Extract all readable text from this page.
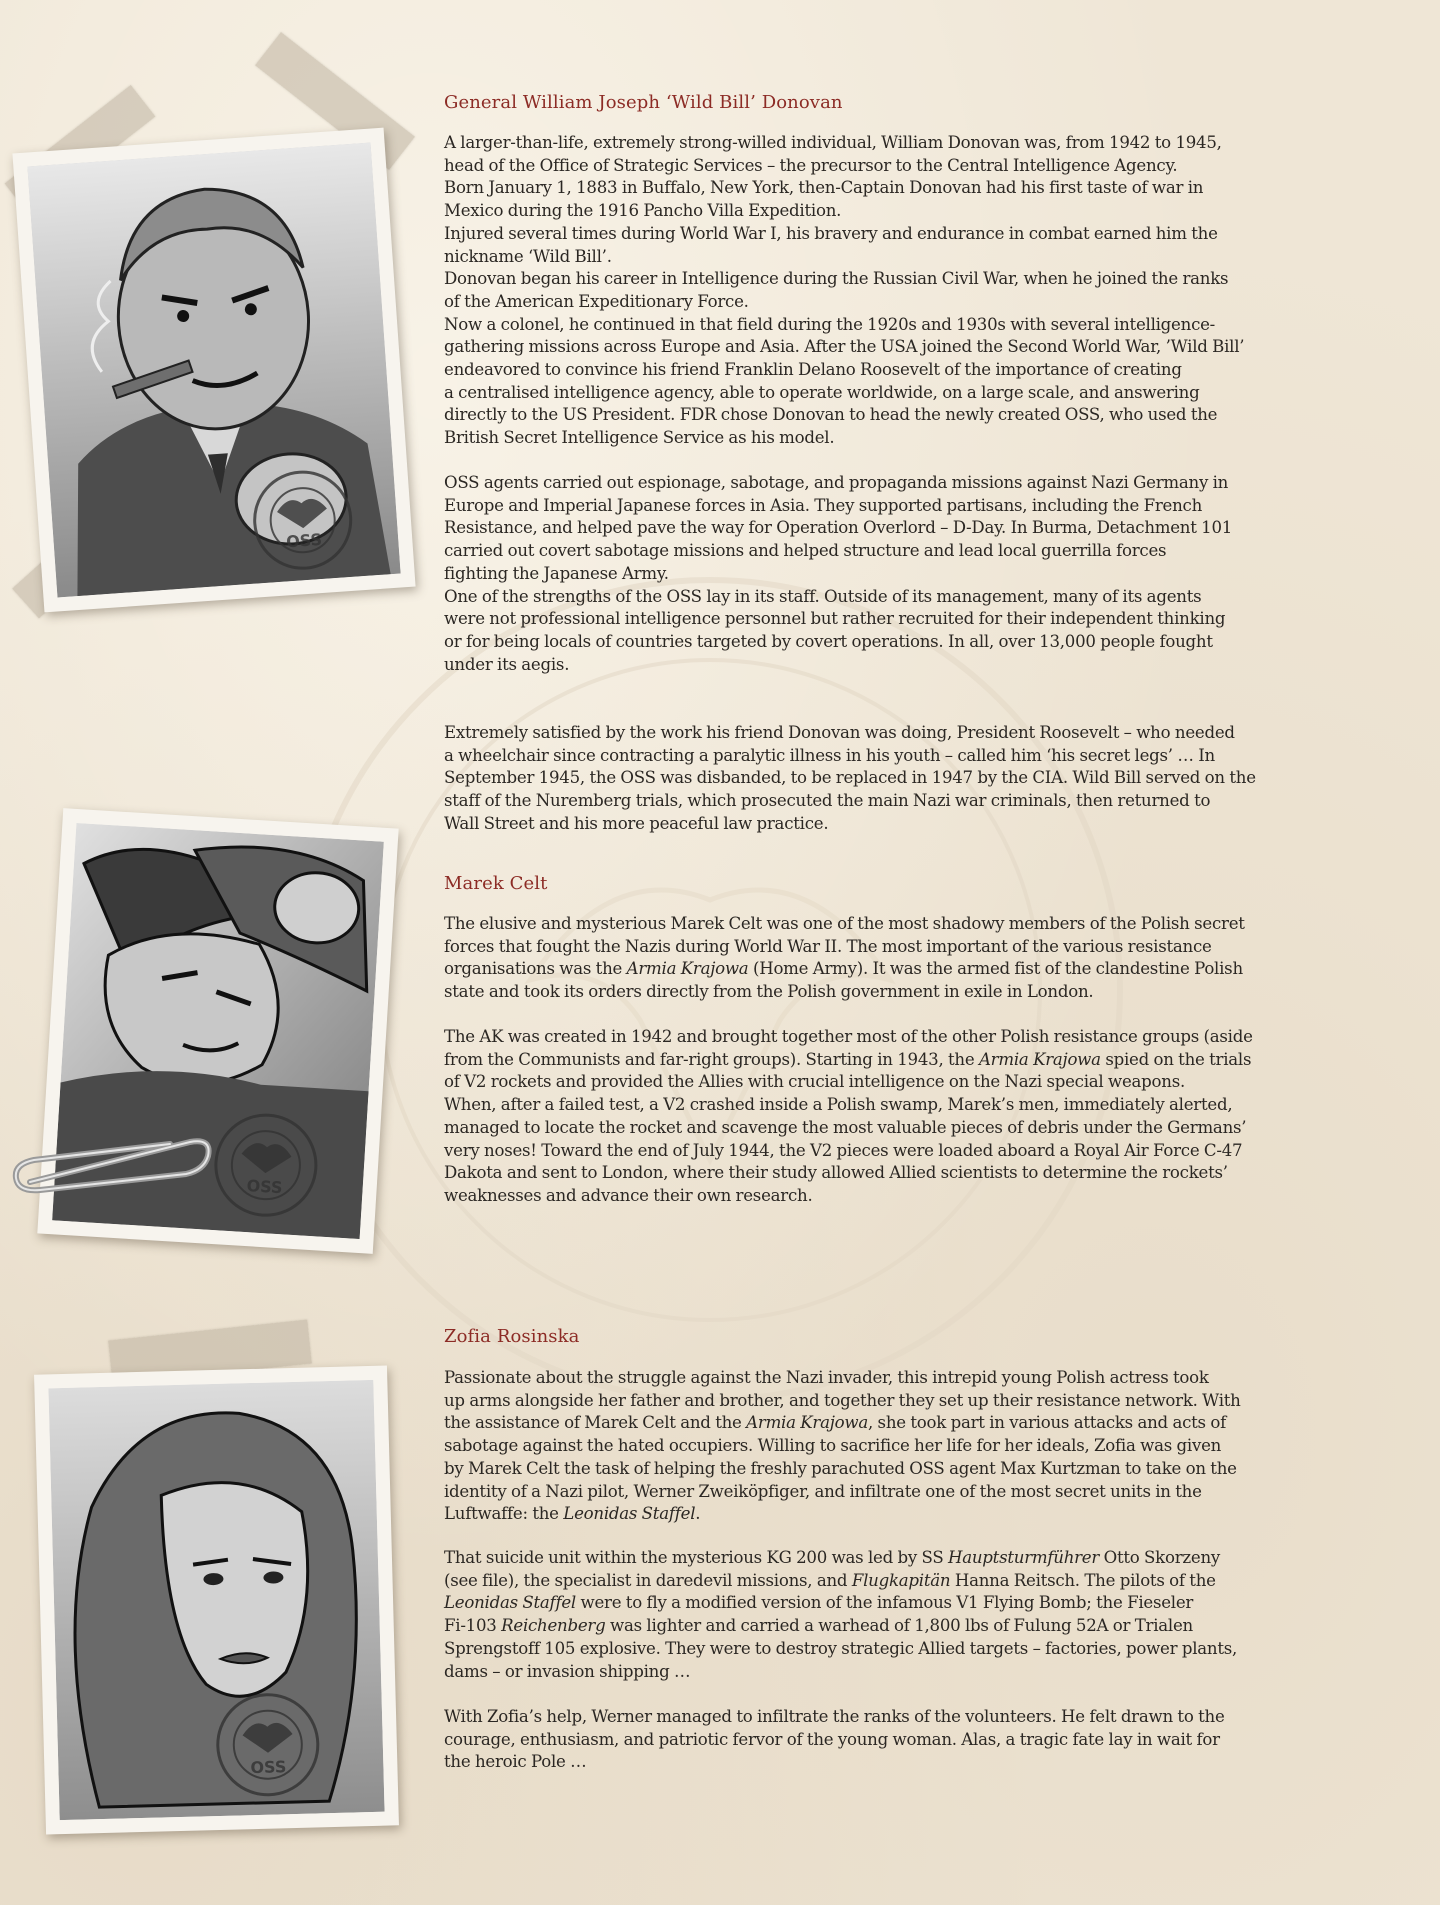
OSS
OSS
OSS
General William Joseph ‘Wild Bill’ Donovan

A larger-than-life, extremely strong-willed individual, William Donovan was, from 1942 to 1945,
head of the Office of Strategic Services – the precursor to the Central Intelligence Agency.
Born January 1, 1883 in Buffalo, New York, then-Captain Donovan had his first taste of war in
Mexico during the 1916 Pancho Villa Expedition.
Injured several times during World War I, his bravery and endurance in combat earned him the
nickname ‘Wild Bill’.
Donovan began his career in Intelligence during the Russian Civil War, when he joined the ranks
of the American Expeditionary Force.
Now a colonel, he continued in that field during the 1920s and 1930s with several intelligence-
gathering missions across Europe and Asia. After the USA joined the Second World War, ’Wild Bill’
endeavored to convince his friend Franklin Delano Roosevelt of the importance of creating
a centralised intelligence agency, able to operate worldwide, on a large scale, and answering
directly to the US President. FDR chose Donovan to head the newly created OSS, who used the
British Secret Intelligence Service as his model.

OSS agents carried out espionage, sabotage, and propaganda missions against Nazi Germany in
Europe and Imperial Japanese forces in Asia. They supported partisans, including the French
Resistance, and helped pave the way for Operation Overlord – D-Day. In Burma, Detachment 101
carried out covert sabotage missions and helped structure and lead local guerrilla forces
fighting the Japanese Army.
One of the strengths of the OSS lay in its staff. Outside of its management, many of its agents
were not professional intelligence personnel but rather recruited for their independent thinking
or for being locals of countries targeted by covert operations. In all, over 13,000 people fought
under its aegis.

Extremely satisfied by the work his friend Donovan was doing, President Roosevelt – who needed
a wheelchair since contracting a paralytic illness in his youth – called him ‘his secret legs’ … In
September 1945, the OSS was disbanded, to be replaced in 1947 by the CIA. Wild Bill served on the
staff of the Nuremberg trials, which prosecuted the main Nazi war criminals, then returned to
Wall Street and his more peaceful law practice.

Marek Celt

The elusive and mysterious Marek Celt was one of the most shadowy members of the Polish secret
forces that fought the Nazis during World War II. The most important of the various resistance
organisations was the Armia Krajowa (Home Army). It was the armed fist of the clandestine Polish
state and took its orders directly from the Polish government in exile in London.

The AK was created in 1942 and brought together most of the other Polish resistance groups (aside
from the Communists and far-right groups). Starting in 1943, the Armia Krajowa spied on the trials
of V2 rockets and provided the Allies with crucial intelligence on the Nazi special weapons.
When, after a failed test, a V2 crashed inside a Polish swamp, Marek’s men, immediately alerted,
managed to locate the rocket and scavenge the most valuable pieces of debris under the Germans’
very noses! Toward the end of July 1944, the V2 pieces were loaded aboard a Royal Air Force C-47
Dakota and sent to London, where their study allowed Allied scientists to determine the rockets’
weaknesses and advance their own research.

Zofia Rosinska

Passionate about the struggle against the Nazi invader, this intrepid young Polish actress took
up arms alongside her father and brother, and together they set up their resistance network. With
the assistance of Marek Celt and the Armia Krajowa, she took part in various attacks and acts of
sabotage against the hated occupiers. Willing to sacrifice her life for her ideals, Zofia was given
by Marek Celt the task of helping the freshly parachuted OSS agent Max Kurtzman to take on the
identity of a Nazi pilot, Werner Zweiköpfiger, and infiltrate one of the most secret units in the
Luftwaffe: the Leonidas Staffel.

That suicide unit within the mysterious KG 200 was led by SS Hauptsturmführer Otto Skorzeny
(see file), the specialist in daredevil missions, and Flugkapitän Hanna Reitsch. The pilots of the
Leonidas Staffel were to fly a modified version of the infamous V1 Flying Bomb; the Fieseler
Fi-103 Reichenberg was lighter and carried a warhead of 1,800 lbs of Fulung 52A or Trialen
Sprengstoff 105 explosive. They were to destroy strategic Allied targets – factories, power plants,
dams – or invasion shipping …

With Zofia’s help, Werner managed to infiltrate the ranks of the volunteers. He felt drawn to the
courage, enthusiasm, and patriotic fervor of the young woman. Alas, a tragic fate lay in wait for
the heroic Pole …
